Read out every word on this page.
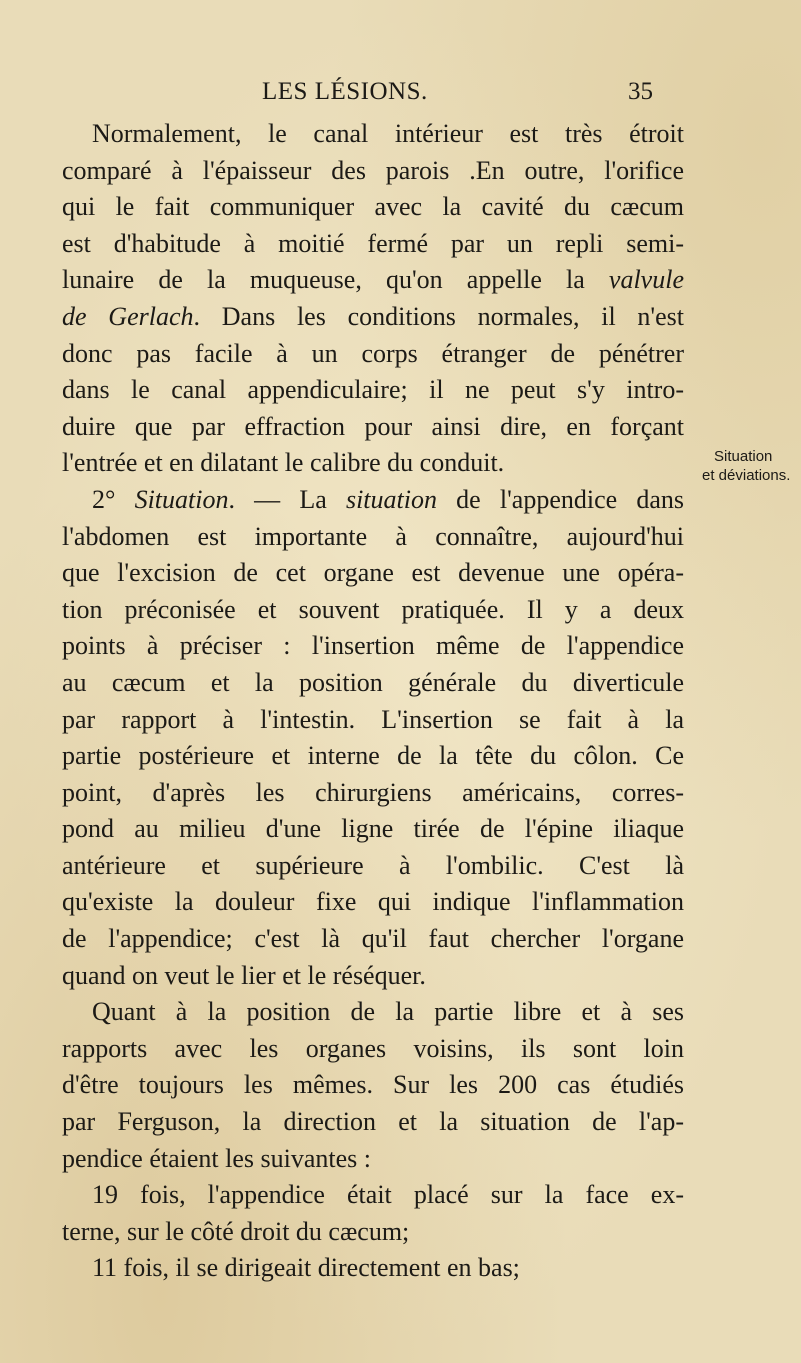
LES LÉSIONS.	35
Normalement, le canal intérieur est très étroit
comparé à l'épaisseur des parois .En outre, l'orifice
qui le fait communiquer avec la cavité du cæcum
est d'habitude à moitié fermé par un repli semi-
lunaire de la muqueuse, qu'on appelle la valvule
de Gerlach. Dans les conditions normales, il n'est
donc pas facile à un corps étranger de pénétrer
dans le canal appendiculaire; il ne peut s'y intro-
duire que par effraction pour ainsi dire, en forçant
l'entrée et en dilatant le calibre du conduit.
2° Situation. — La situation de l'appendice dans
l'abdomen est importante à connaître, aujourd'hui
que l'excision de cet organe est devenue une opéra-
tion préconisée et souvent pratiquée. Il y a deux
points à préciser : l'insertion même de l'appendice
au cæcum et la position générale du diverticule
par rapport à l'intestin. L'insertion se fait à la
partie postérieure et interne de la tête du côlon. Ce
point, d'après les chirurgiens américains, corres-
pond au milieu d'une ligne tirée de l'épine iliaque
antérieure et supérieure à l'ombilic. C'est là
qu'existe la douleur fixe qui indique l'inflammation
de l'appendice; c'est là qu'il faut chercher l'organe
quand on veut le lier et le réséquer.
Quant à la position de la partie libre et à ses
rapports avec les organes voisins, ils sont loin
d'être toujours les mêmes. Sur les 200 cas étudiés
par Ferguson, la direction et la situation de l'ap-
pendice étaient les suivantes :
19 fois, l'appendice était placé sur la face ex-
terne, sur le côté droit du cæcum;
11 fois, il se dirigeait directement en bas;
Situation
et déviations.
